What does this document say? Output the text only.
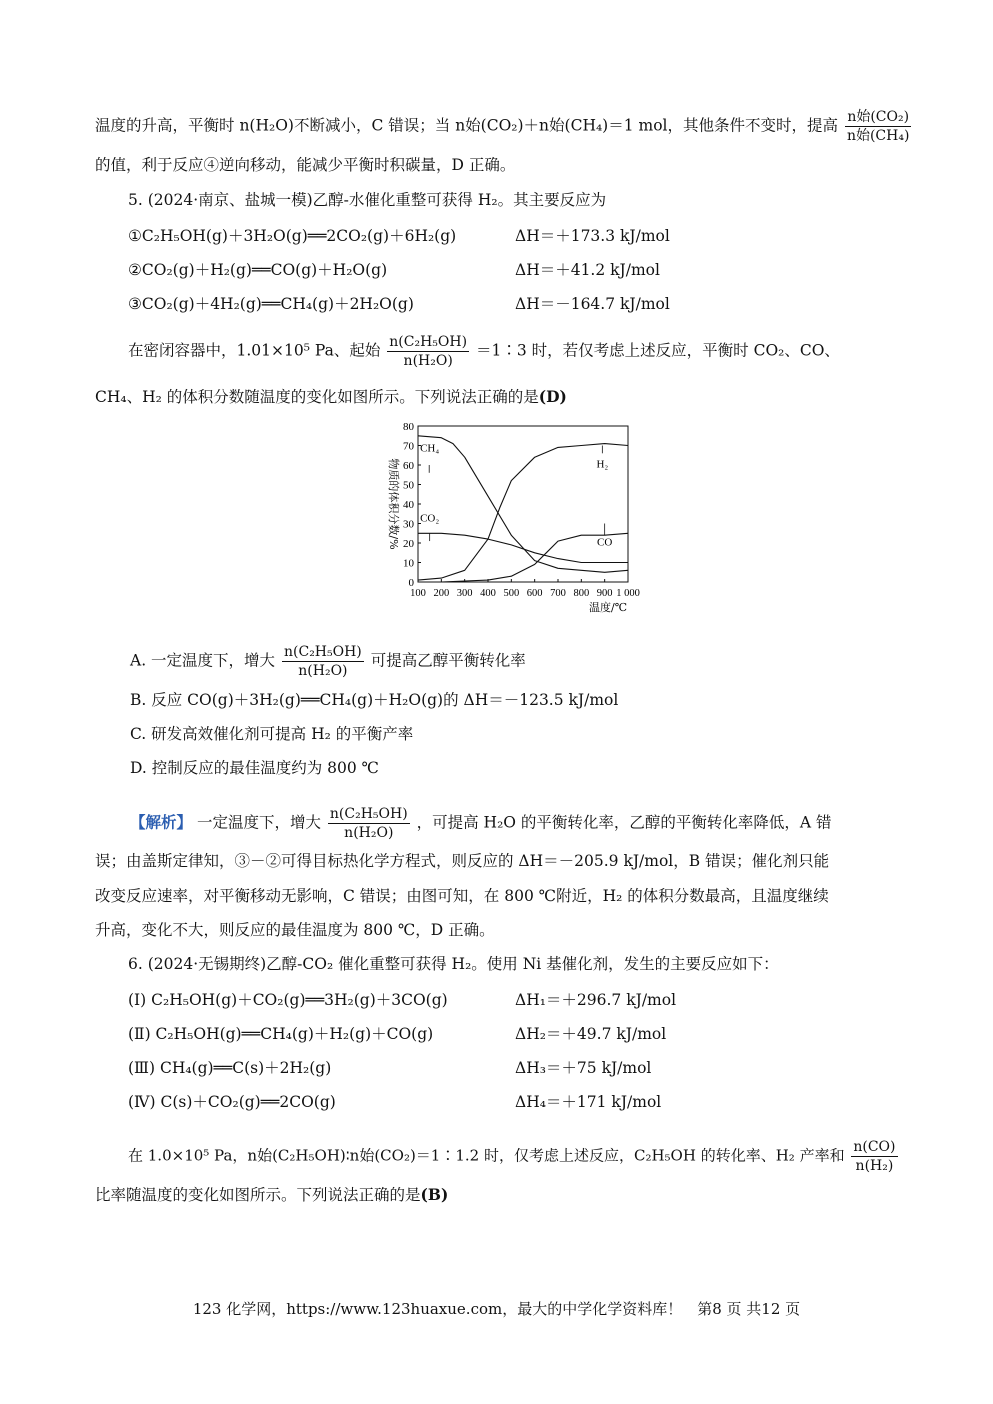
温度的升高，平衡时 n(H₂O)不断减小，C 错误；当 n始(CO₂)＋n始(CH₄)＝1 mol，其他条件不变时，提高 $\frac{\text{n始(CO₂)}}{\text{n始(CH₄)}}$
的值，利于反应④逆向移动，能减少平衡时积碳量，D 正确。
5. (2024·南京、盐城一模)乙醇-水催化重整可获得 H₂。其主要反应为
①C₂H₅OH(g)＋3H₂O(g)══2CO₂(g)＋6H₂(g)	ΔH＝＋173.3 kJ/mol
②CO₂(g)＋H₂(g)══CO(g)＋H₂O(g)	ΔH＝＋41.2 kJ/mol
③CO₂(g)＋4H₂(g)══CH₄(g)＋2H₂O(g)	ΔH＝－164.7 kJ/mol
在密闭容器中，1.01×10⁵ Pa、起始 $\frac{\text{n(C₂H₅OH)}}{\text{n(H₂O)}}$ ＝1∶3 时，若仅考虑上述反应，平衡时 CO₂、CO、
CH₄、H₂ 的体积分数随温度的变化如图所示。下列说法正确的是(D)
0
10
20
30
40
50
60
70
80
100 200 300 400 500 600 700 800 900 1 000
温度/℃
物质的体积分数/%
CH₄
H₂
CO₂
CO
A. 一定温度下，增大 $\frac{\text{n(C₂H₅OH)}}{\text{n(H₂O)}}$ 可提高乙醇平衡转化率
B. 反应 CO(g)＋3H₂(g)══CH₄(g)＋H₂O(g)的 ΔH＝－123.5 kJ/mol
C. 研发高效催化剂可提高 H₂ 的平衡产率
D. 控制反应的最佳温度约为 800 ℃
【解析】 一定温度下，增大 $\frac{\text{n(C₂H₅OH)}}{\text{n(H₂O)}}$ ，可提高 H₂O 的平衡转化率，乙醇的平衡转化率降低，A 错
误；由盖斯定律知，③－②可得目标热化学方程式，则反应的 ΔH＝－205.9 kJ/mol，B 错误；催化剂只能
改变反应速率，对平衡移动无影响，C 错误；由图可知，在 800 ℃附近，H₂ 的体积分数最高，且温度继续
升高，变化不大，则反应的最佳温度为 800 ℃，D 正确。
6. (2024·无锡期终)乙醇-CO₂ 催化重整可获得 H₂。使用 Ni 基催化剂，发生的主要反应如下：
(Ⅰ) C₂H₅OH(g)＋CO₂(g)══3H₂(g)＋3CO(g)	ΔH₁＝＋296.7 kJ/mol
(Ⅱ) C₂H₅OH(g)══CH₄(g)＋H₂(g)＋CO(g)	ΔH₂＝＋49.7 kJ/mol
(Ⅲ) CH₄(g)══C(s)＋2H₂(g)	ΔH₃＝＋75 kJ/mol
(Ⅳ) C(s)＋CO₂(g)══2CO(g)	ΔH₄＝＋171 kJ/mol
在 1.0×10⁵ Pa，n始(C₂H₅OH)∶n始(CO₂)＝1∶1.2 时，仅考虑上述反应，C₂H₅OH 的转化率、H₂ 产率和 $\frac{n(CO)}{\text{n(H₂)}}$
比率随温度的变化如图所示。下列说法正确的是(B)
123 化学网，https://www.123huaxue.com，最大的中学化学资料库！　第8 页 共12 页
